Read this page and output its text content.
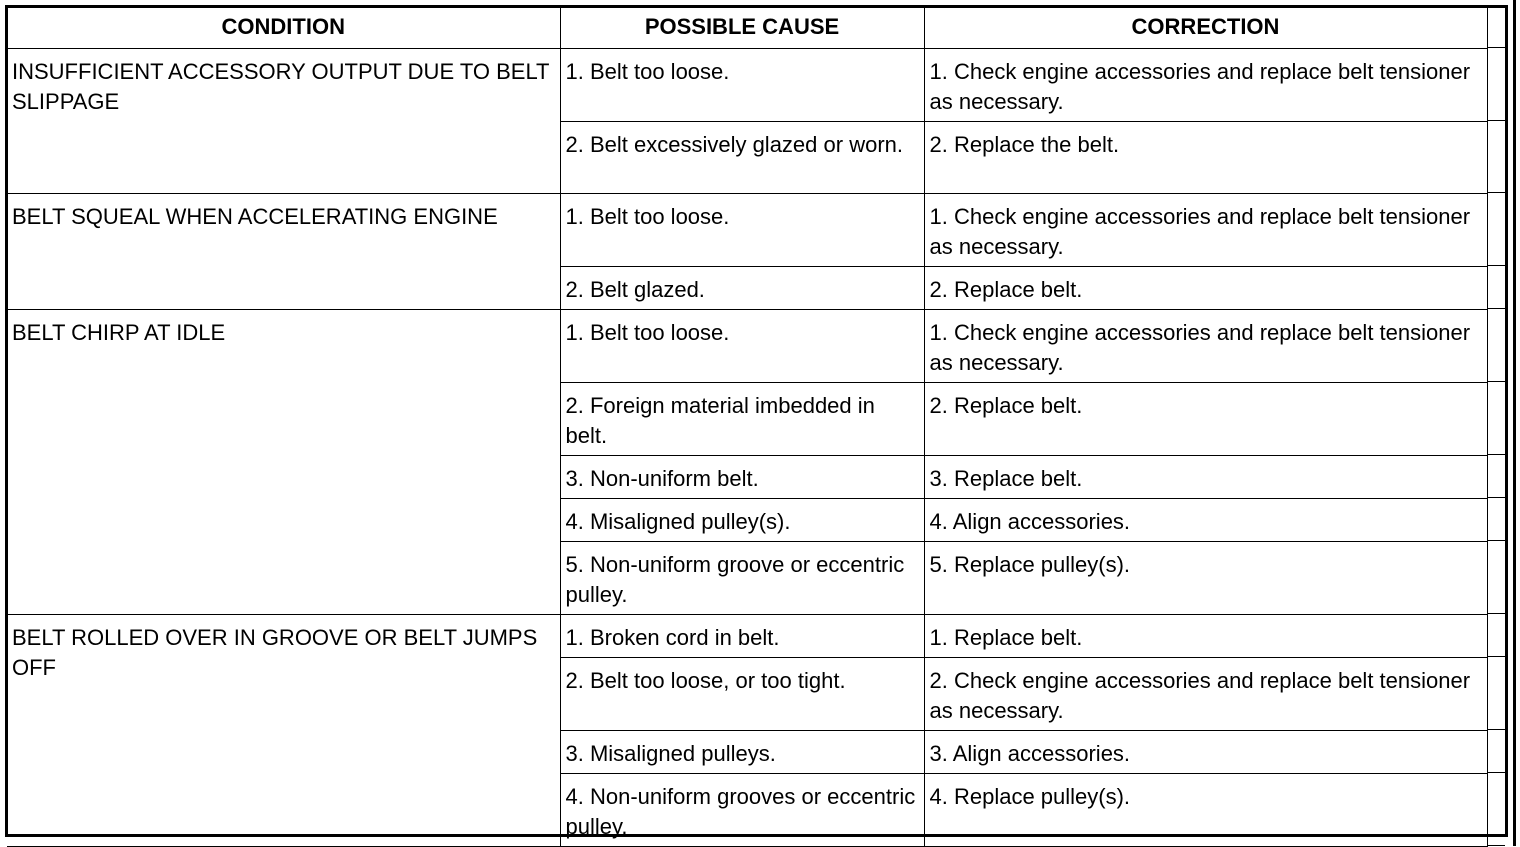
CONDITION	POSSIBLE CAUSE	CORRECTION
INSUFFICIENT ACCESSORY OUTPUT DUE TO BELT SLIPPAGE	1. Belt too loose.	1. Check engine accessories and replace belt tensioner as necessary.
	2. Belt excessively glazed or worn.	2. Replace the belt.
BELT SQUEAL WHEN ACCELERATING ENGINE	1. Belt too loose.	1. Check engine accessories and replace belt tensioner as necessary.
	2. Belt glazed.	2. Replace belt.
BELT CHIRP AT IDLE	1. Belt too loose.	1. Check engine accessories and replace belt tensioner as necessary.
	2. Foreign material imbedded in belt.	2. Replace belt.
	3. Non-uniform belt.	3. Replace belt.
	4. Misaligned pulley(s).	4. Align accessories.
	5. Non-uniform groove or eccentric pulley.	5. Replace pulley(s).
BELT ROLLED OVER IN GROOVE OR BELT JUMPS OFF	1. Broken cord in belt.	1. Replace belt.
	2. Belt too loose, or too tight.	2. Check engine accessories and replace belt tensioner as necessary.
	3. Misaligned pulleys.	3. Align accessories.
	4. Non-uniform grooves or eccentric pulley.	4. Replace pulley(s).
